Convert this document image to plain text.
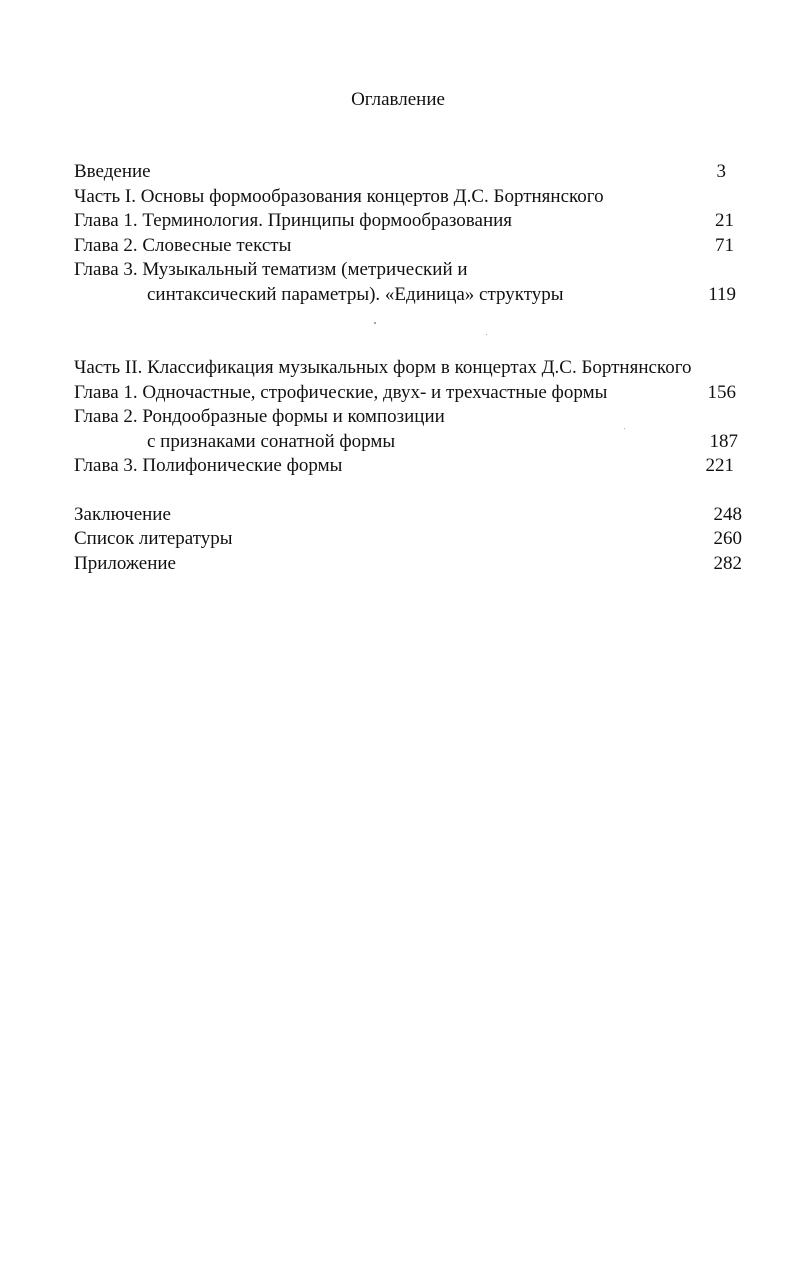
Оглавление
Введение	3
Часть I. Основы формообразования концертов Д.С. Бортнянского
Глава 1. Терминология. Принципы формообразования	21
Глава 2. Словесные тексты	71
Глава 3. Музыкальный тематизм (метрический и
синтаксический параметры). «Единица» структуры	119
Часть II. Классификация музыкальных форм в концертах Д.С. Бортнянского
Глава 1. Одночастные, строфические, двух- и трехчастные формы	156
Глава 2. Рондообразные формы и композиции
с признаками сонатной формы	187
Глава 3. Полифонические формы	221
Заключение	248
Список литературы	260
Приложение	282
